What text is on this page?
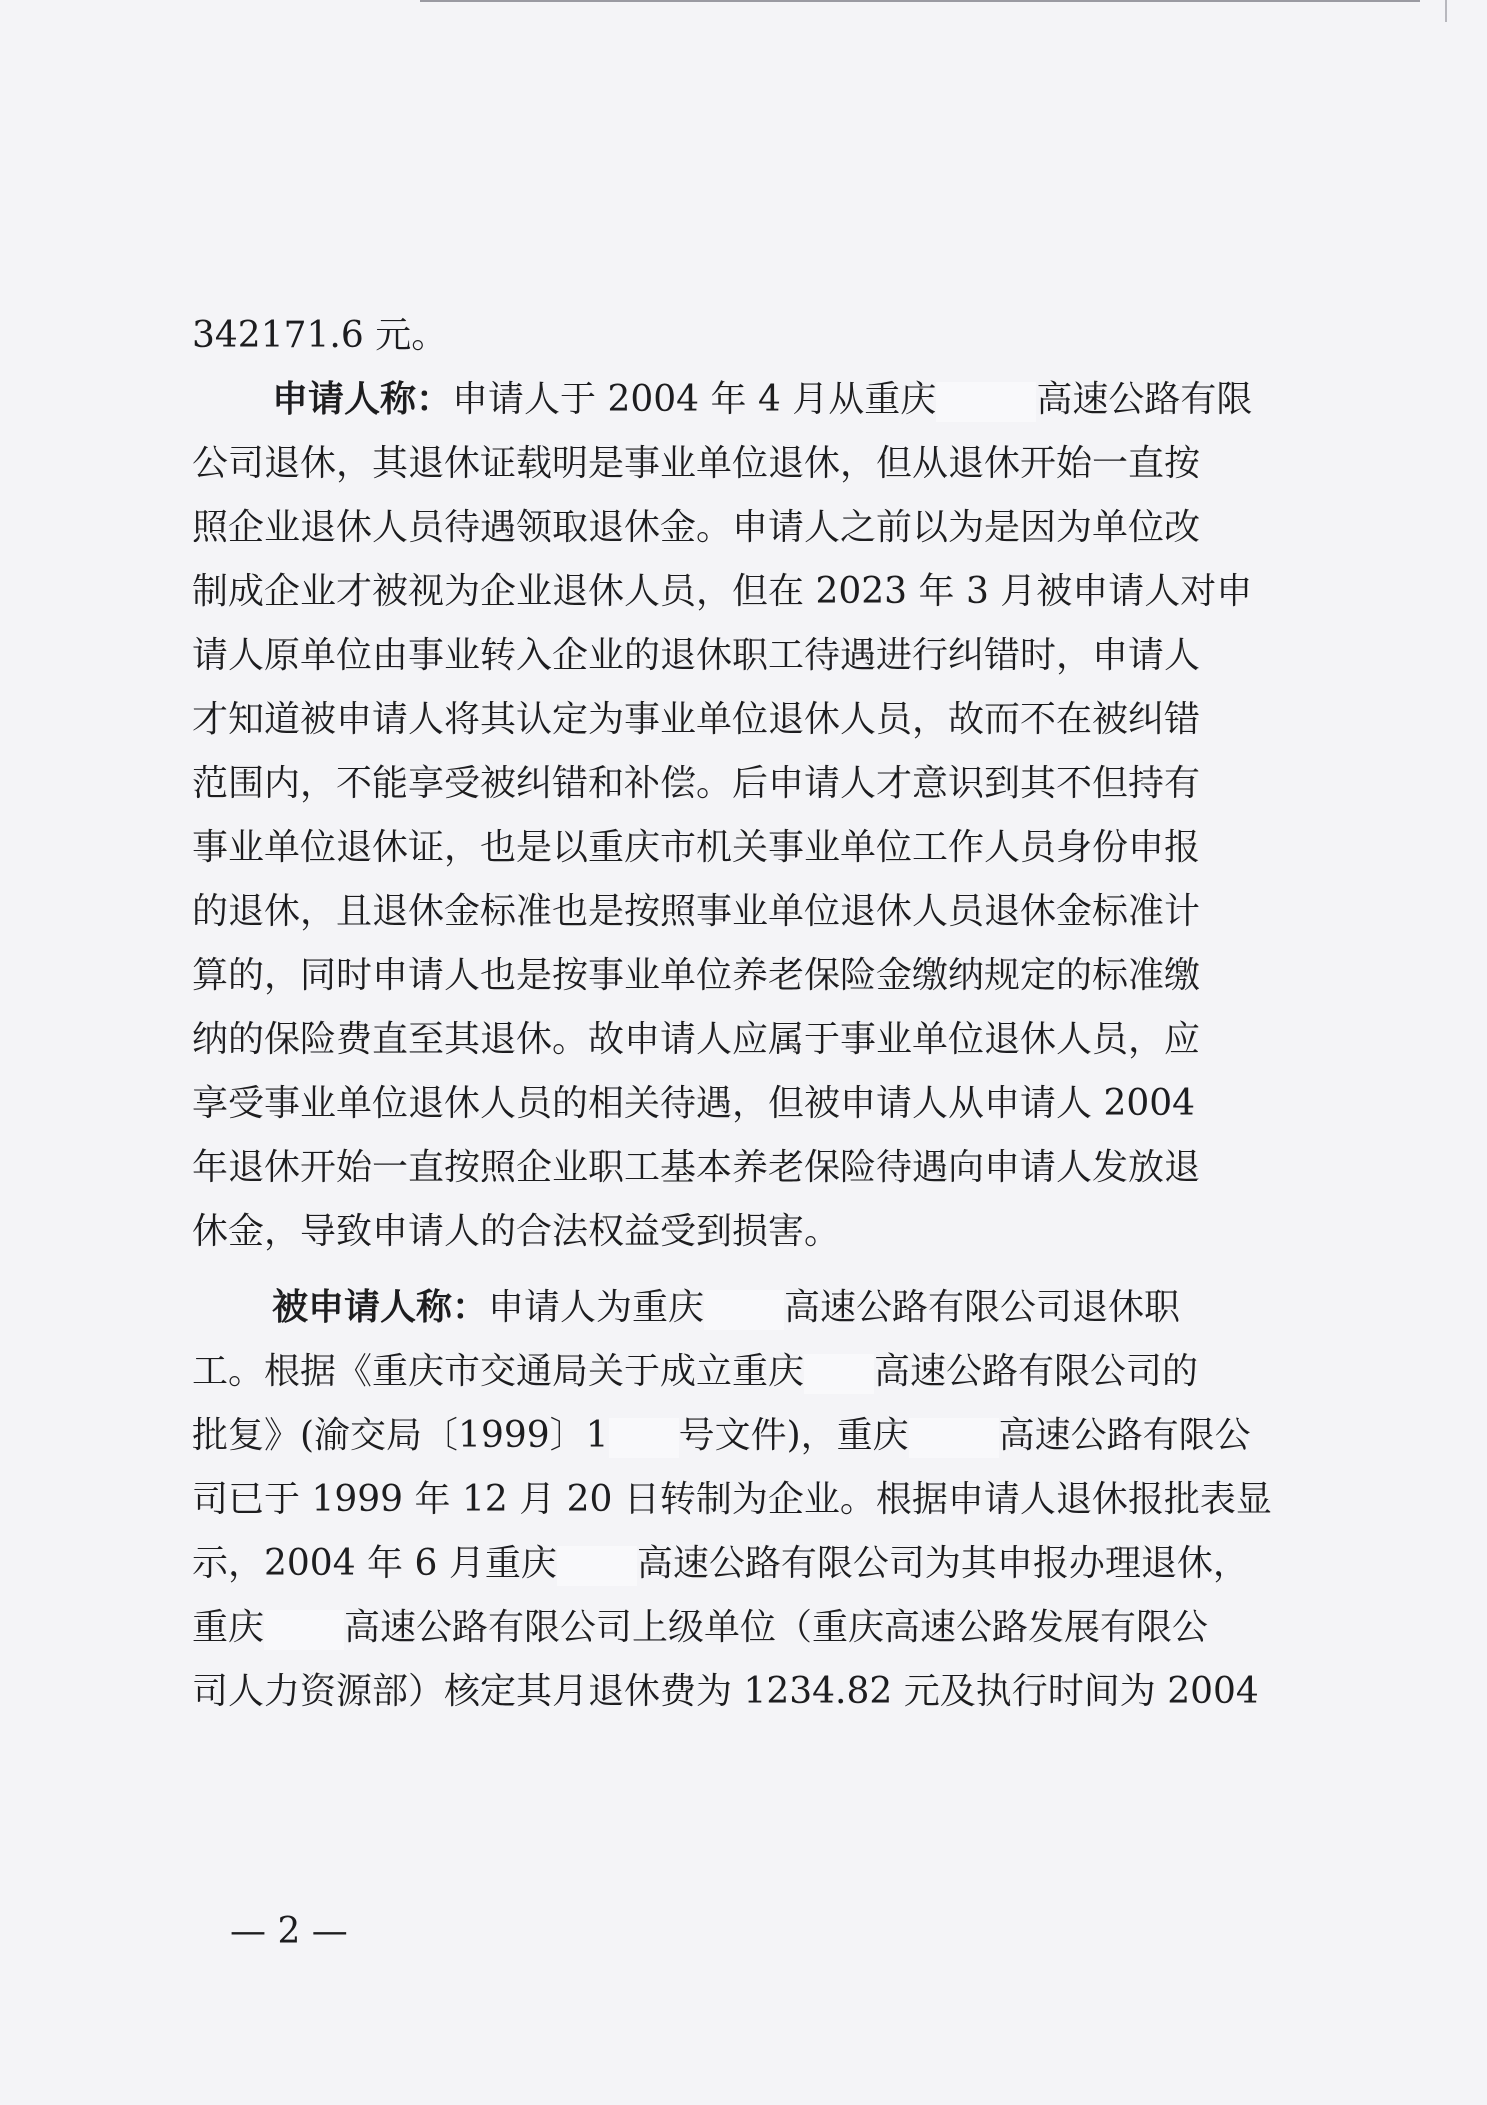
342171.6 元。
申请人称：申请人于 2004 年 4 月从重庆	高速公路有限
公司退休，其退休证载明是事业单位退休，但从退休开始一直按
照企业退休人员待遇领取退休金。申请人之前以为是因为单位改
制成企业才被视为企业退休人员，但在 2023 年 3 月被申请人对申
请人原单位由事业转入企业的退休职工待遇进行纠错时，申请人
才知道被申请人将其认定为事业单位退休人员，故而不在被纠错
范围内，不能享受被纠错和补偿。后申请人才意识到其不但持有
事业单位退休证，也是以重庆市机关事业单位工作人员身份申报
的退休，且退休金标准也是按照事业单位退休人员退休金标准计
算的，同时申请人也是按事业单位养老保险金缴纳规定的标准缴
纳的保险费直至其退休。故申请人应属于事业单位退休人员，应
享受事业单位退休人员的相关待遇，但被申请人从申请人 2004
年退休开始一直按照企业职工基本养老保险待遇向申请人发放退
休金，导致申请人的合法权益受到损害。
被申请人称：申请人为重庆 高速公路有限公司退休职
工。根据《重庆市交通局关于成立重庆 高速公路有限公司的
批复》(渝交局〔1999〕1 号文件)，重庆	高速公路有限公
司已于 1999 年 12 月 20 日转制为企业。根据申请人退休报批表显
示，2004 年 6 月重庆 高速公路有限公司为其申报办理退休，
重庆 高速公路有限公司上级单位（重庆高速公路发展有限公
司人力资源部）核定其月退休费为 1234.82 元及执行时间为 2004
— 2 —
